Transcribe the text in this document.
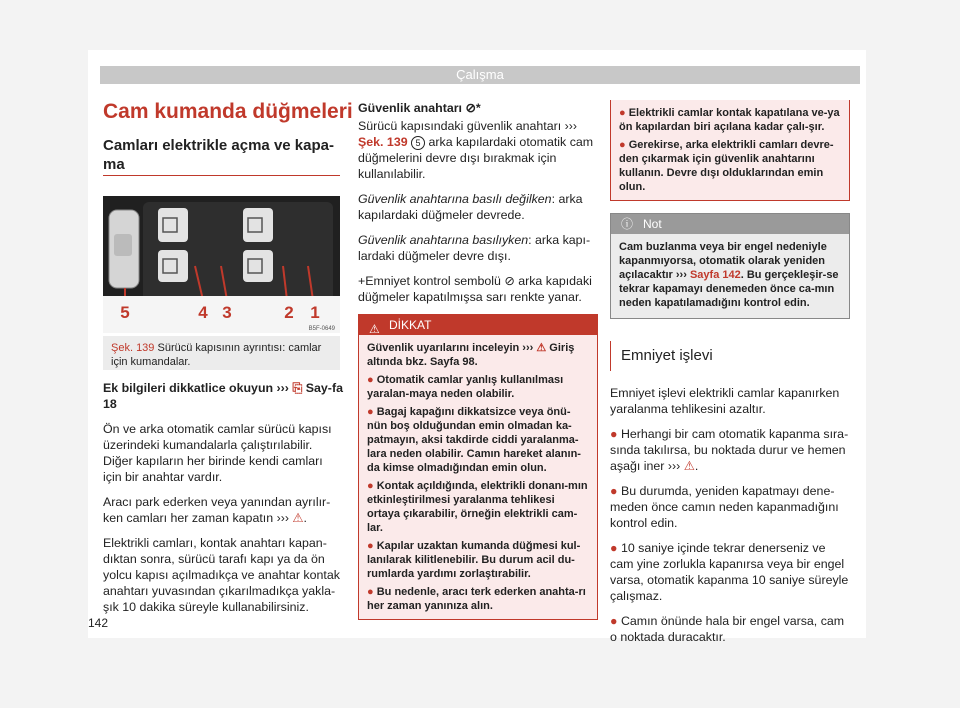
Çalışma
Cam kumanda düğmeleri
Camları elektrikle açma ve kapa-
ma
5	4 3	2 1
B5F-0649
Şek. 139 Sürücü kapısının ayrıntısı: camlar için kumandalar.

Ek bilgileri dikkatlice okuyun ››› ⎘ Say-fa 18

Ön ve arka otomatik camlar sürücü kapısı üzerindeki kumandalarla çalıştırılabilir. Diğer kapıların her birinde kendi camları için bir anahtar vardır.

Aracı park ederken veya yanından ayrılır-ken camları her zaman kapatın ››› ⚠.

Elektrikli camları, kontak anahtarı kapan-dıktan sonra, sürücü tarafı kapı ya da ön yolcu kapısı açılmadıkça ve anahtar kontak anahtarı yuvasından çıkarılmadıkça yakla-şık 10 dakika süreyle kullanabilirsiniz.

Güvenlik anahtarı ⊘*

Sürücü kapısındaki güvenlik anahtarı ››› Şek. 139 5 arka kapılardaki otomatik cam düğmelerini devre dışı bırakmak için kullanılabilir.

Güvenlik anahtarına basılı değilken: arka kapılardaki düğmeler devrede.

Güvenlik anahtarına basılıyken: arka kapı-lardaki düğmeler devre dışı.

+Emniyet kontrol sembolü ⊘ arka kapıdaki düğmeler kapatılmışsa sarı renkte yanar.

⚠ DİKKAT

Güvenlik uyarılarını inceleyin ››› ⚠ Giriş altında bkz. Sayfa 98.

● Otomatik camlar yanlış kullanılması yaralan-maya neden olabilir.

● Bagaj kapağını dikkatsizce veya önü-nün boş olduğundan emin olmadan ka-patmayın, aksi takdirde ciddi yaralanma-lara neden olabilir. Camın hareket alanın-da kimse olmadığından emin olun.

● Kontak açıldığında, elektrikli donanı-mın etkinleştirilmesi yaralanma tehlikesi ortaya çıkarabilir, örneğin elektrikli cam-lar.

● Kapılar uzaktan kumanda düğmesi kul-lanılarak kilitlenebilir. Bu durum acil du-rumlarda yardımı zorlaştırabilir.

● Bu nedenle, aracı terk ederken anahta-rı her zaman yanınıza alın.

● Elektrikli camlar kontak kapatılana ve-ya ön kapılardan biri açılana kadar çalı-şır.

● Gerekirse, arka elektrikli camları devre-den çıkarmak için güvenlik anahtarını kullanın. Devre dışı olduklarından emin olun.

ⓘ Not
Cam buzlanma veya bir engel nedeniyle kapanmıyorsa, otomatik olarak yeniden açılacaktır ››› Sayfa 142. Bu gerçekleşir-se tekrar kapamayı denemeden önce ca-mın neden kapatılamadığını kontrol edin.
Emniyet işlevi

Emniyet işlevi elektrikli camlar kapanırken yaralanma tehlikesini azaltır.

● Herhangi bir cam otomatik kapanma sıra-sında takılırsa, bu noktada durur ve hemen aşağı iner ››› ⚠.

● Bu durumda, yeniden kapatmayı dene-meden önce camın neden kapanmadığını kontrol edin.

● 10 saniye içinde tekrar denerseniz ve cam yine zorlukla kapanırsa veya bir engel varsa, otomatik kapanma 10 saniye süreyle çalışmaz.

● Camın önünde hala bir engel varsa, cam o noktada duracaktır.

142
